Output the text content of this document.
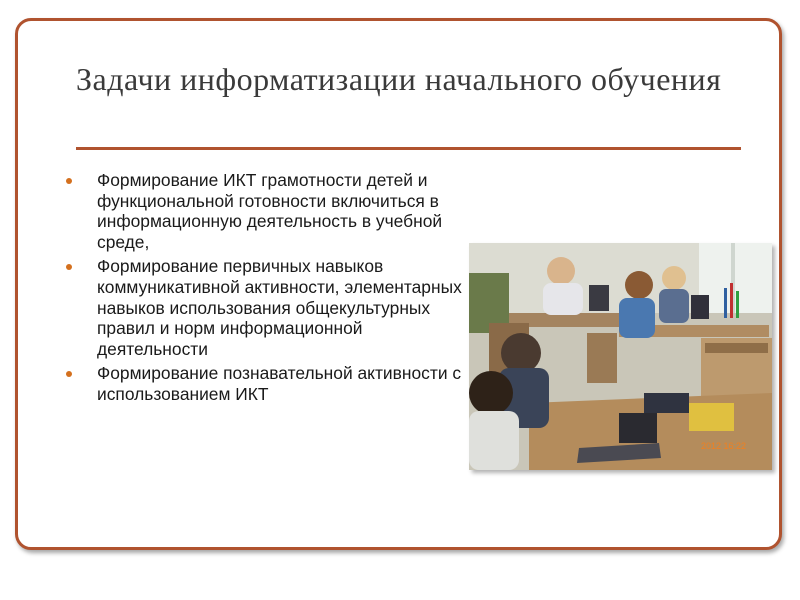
Задачи информатизации начального обучения
Формирование ИКТ грамотности детей и функциональной готовности включиться в информационную деятельность в учебной среде,
Формирование первичных навыков коммуникативной активности, элементарных навыков использования общекультурных правил и норм информационной деятельности
Формирование познавательной активности с использованием ИКТ
2012 16:22
